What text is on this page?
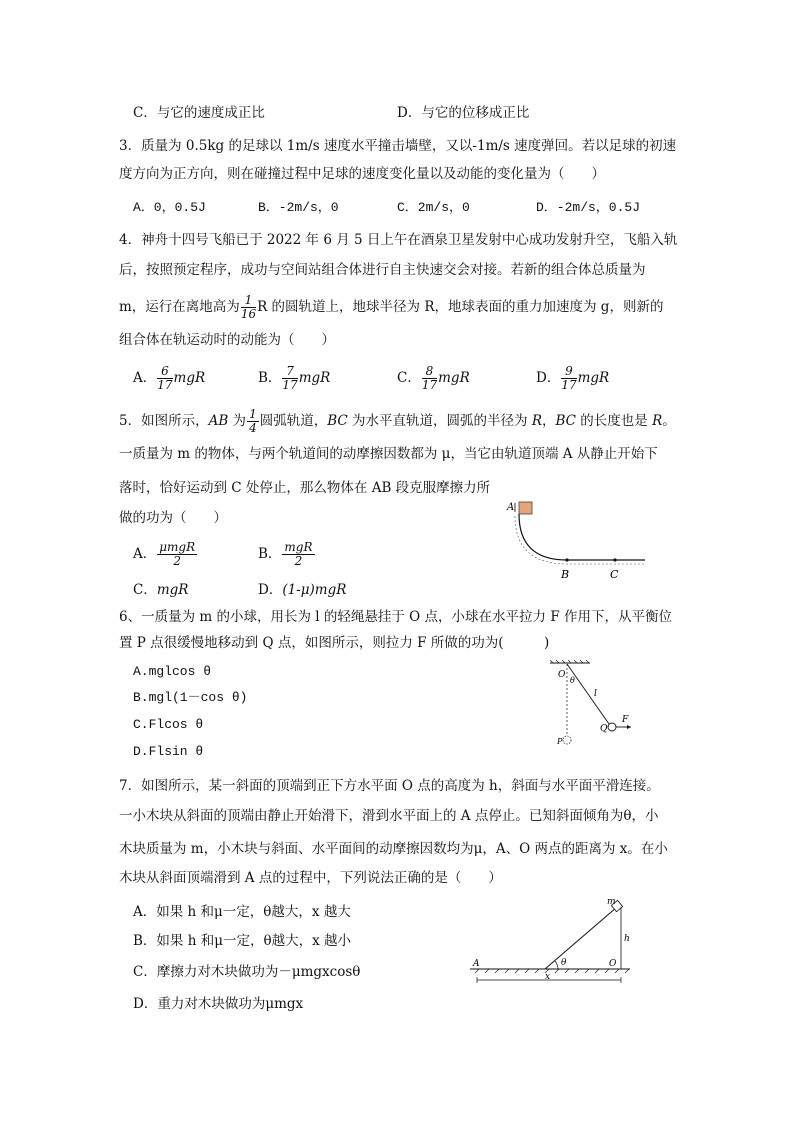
C．与它的速度成正比	D．与它的位移成正比
3．质量为 0.5kg 的足球以 1m/s 速度水平撞击墙壁，又以-1m/s 速度弹回。若以足球的初速
度方向为正方向，则在碰撞过程中足球的速度变化量以及动能的变化量为（　　）
A．0，0.5J	B．-2m/s，0	C．2m/s，0	D．-2m/s，0.5J
4．神舟十四号飞船已于 2022 年 6 月 5 日上午在酒泉卫星发射中心成功发射升空，飞船入轨
后，按照预定程序，成功与空间站组合体进行自主快速交会对接。若新的组合体总质量为
m，运行在离地高为 $\frac{1}{16}$ R 的圆轨道上，地球半径为 R，地球表面的重力加速度为 g，则新的
组合体在轨运动时的动能为（　　）
A． $\frac{6}{17}$ mgR	B． $\frac{7}{17}$ mgR	C． $\frac{8}{17}$ mgR	D． $\frac{9}{17}$ mgR
5．如图所示，AB 为 $\frac{1}{4}$ 圆弧轨道，BC 为水平直轨道，圆弧的半径为 R，BC 的长度也是 R。
一质量为 m 的物体，与两个轨道间的动摩擦因数都为 μ，当它由轨道顶端 A 从静止开始下
落时，恰好运动到 C 处停止，那么物体在 AB 段克服摩擦力所
做的功为（　　）
A． $\frac{\text{μmgR}}{2}$	B． $\frac{\text{mgR}}{2}$
C．mgR	D．(1-μ)mgR
A
B	C
6、一质量为 m 的小球，用长为 l 的轻绳悬挂于 O 点，小球在水平拉力 F 作用下，从平衡位
置 P 点很缓慢地移动到 Q 点，如图所示，则拉力 F 所做的功为(　　　)
A.mglcos θ
B.mgl(1－cos θ)
C.Flcos θ
D.Flsin θ
O
θ
l
Q
F
P
7．如图所示，某一斜面的顶端到正下方水平面 O 点的高度为 h，斜面与水平面平滑连接。
一小木块从斜面的顶端由静止开始滑下，滑到水平面上的 A 点停止。已知斜面倾角为θ，小
木块质量为 m，小木块与斜面、水平面间的动摩擦因数均为μ，A、O 两点的距离为 x。在小
木块从斜面顶端滑到 A 点的过程中，下列说法正确的是（　　）
A．如果 h 和μ一定，θ越大，x 越大
B．如果 h 和μ一定，θ越大，x 越小
C．摩擦力对木块做功为－μmgxcosθ
D．重力对木块做功为μmgx
m
h
A	θ	O
x
